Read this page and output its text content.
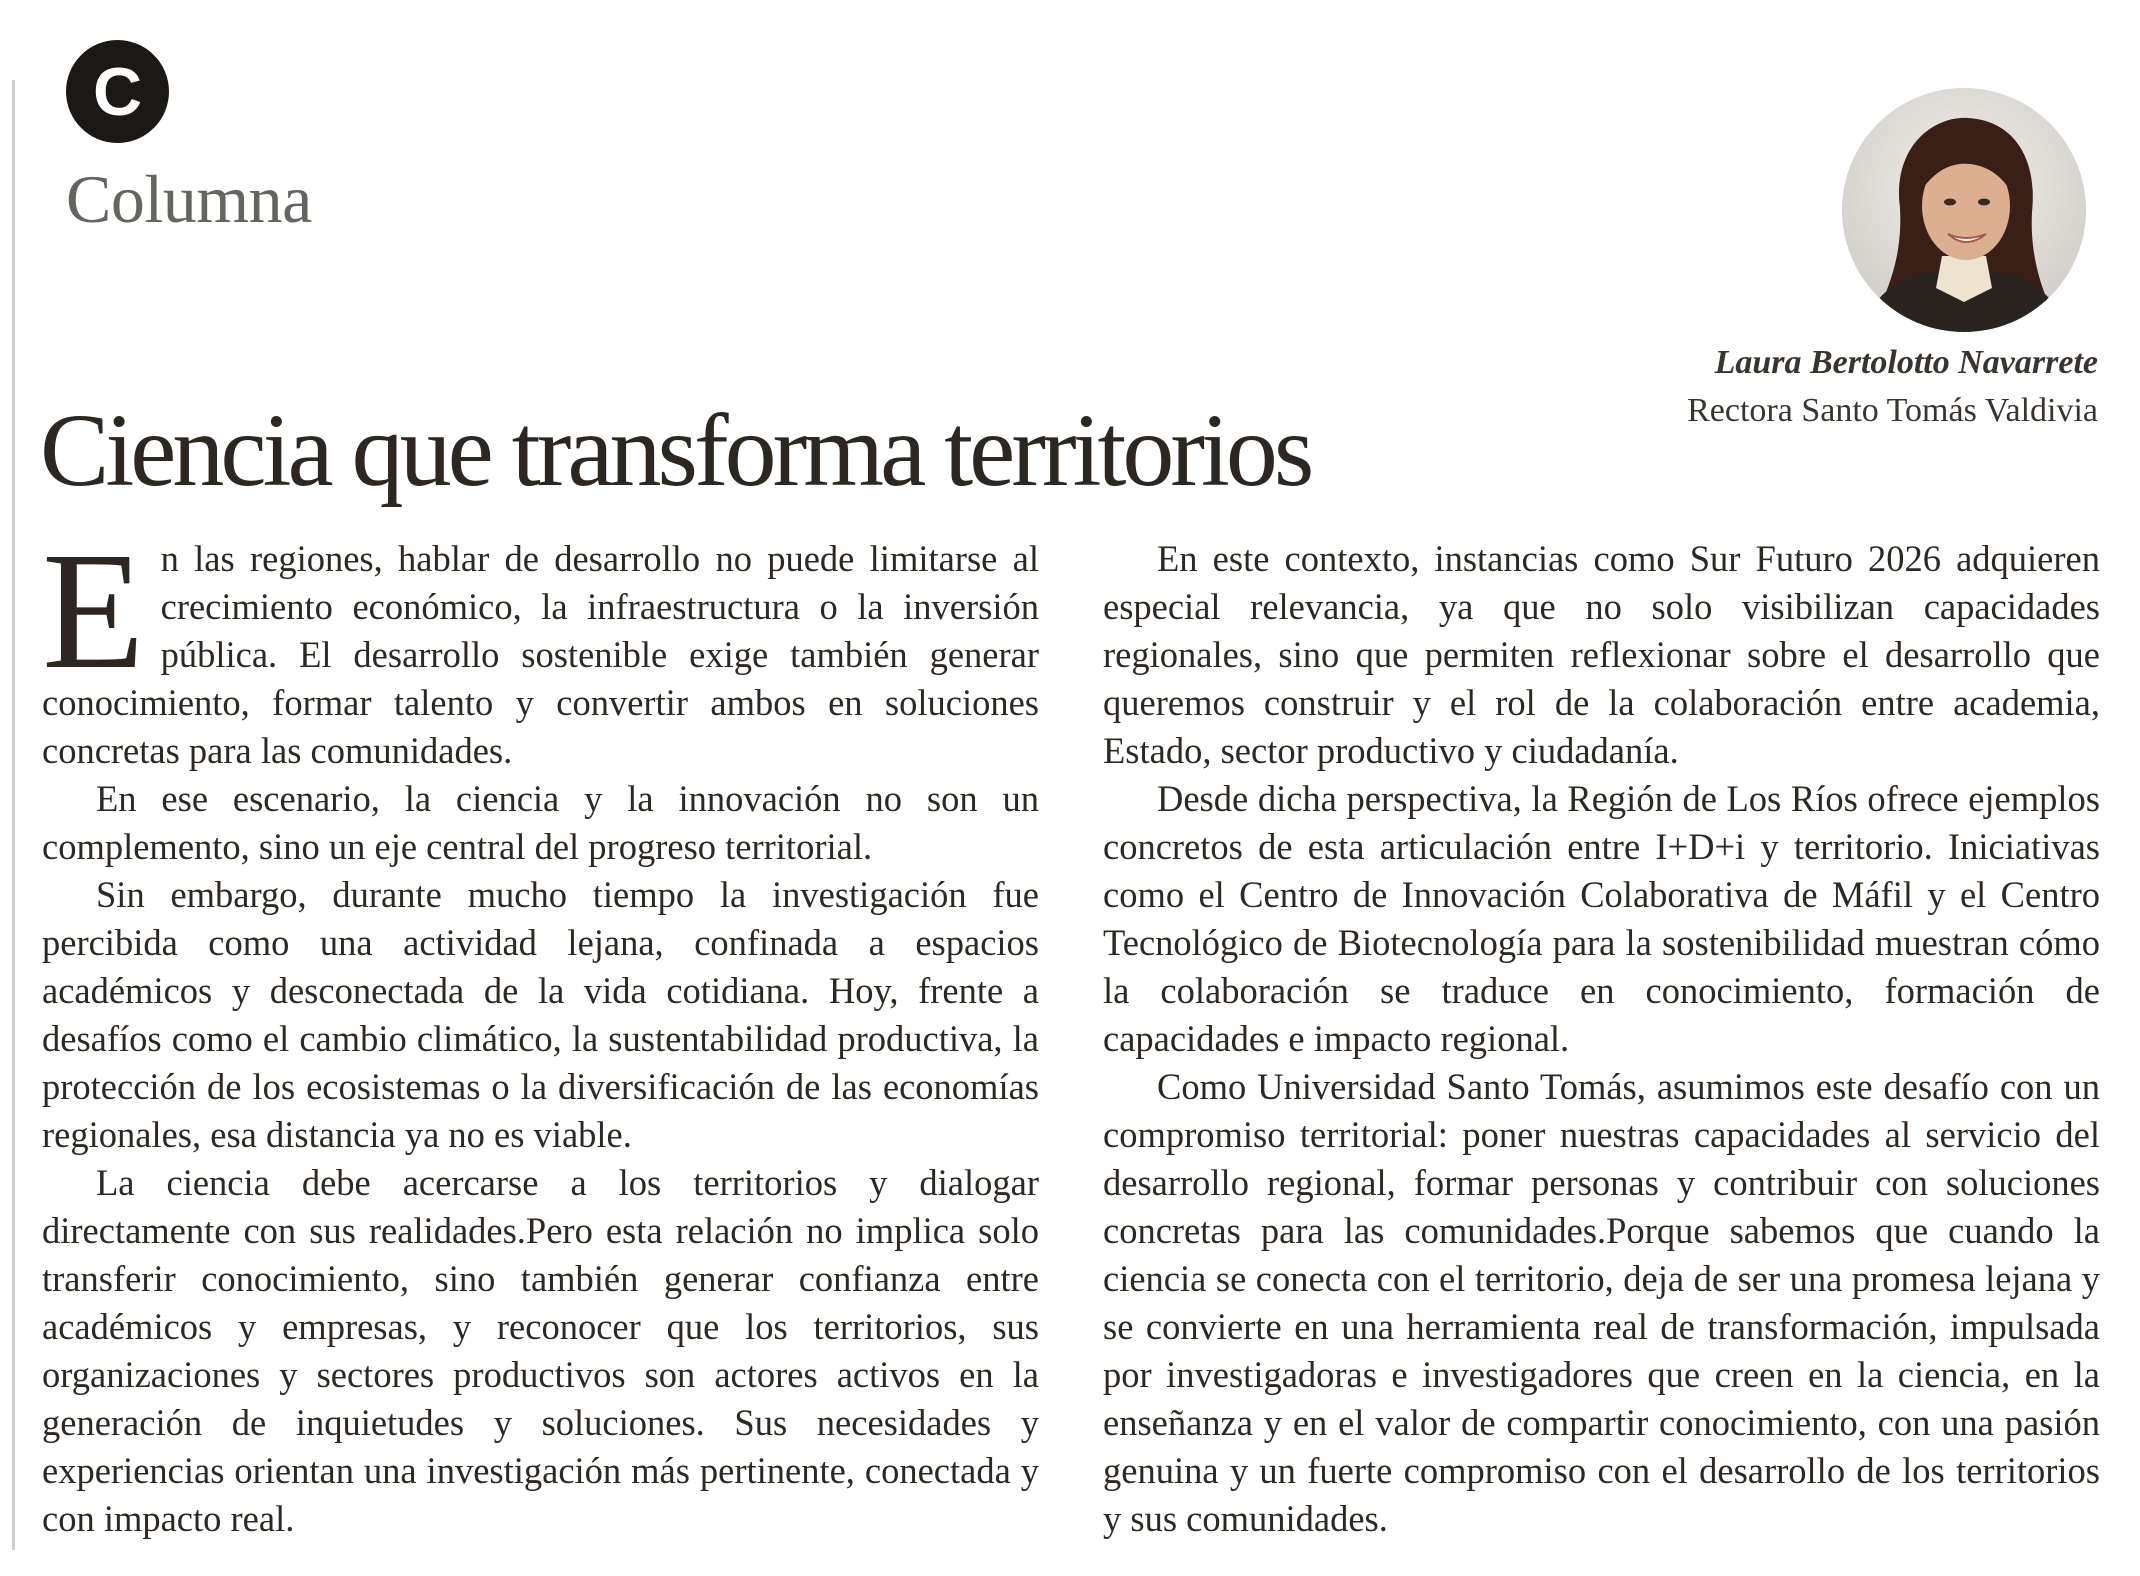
C
Columna
Laura Bertolotto Navarrete
Rectora Santo Tomás Valdivia
Ciencia que transforma territorios

En las regiones, hablar de desarrollo no puede limitarse al crecimiento económico, la infraestructura o la inversión pública. El desarrollo sostenible exige también generar conocimiento, formar talento y convertir ambos en soluciones concretas para las comunidades.

En ese escenario, la ciencia y la innovación no son un complemento, sino un eje central del progreso territorial.

Sin embargo, durante mucho tiempo la investigación fue percibida como una actividad lejana, confinada a espacios académicos y desconectada de la vida cotidiana. Hoy, frente a desafíos como el cambio climático, la sustentabilidad productiva, la protección de los ecosistemas o la diversificación de las economías regionales, esa distancia ya no es viable.

La ciencia debe acercarse a los territorios y dialogar directamente con sus realidades.Pero esta relación no implica solo transferir conocimiento, sino también generar confianza entre académicos y empresas, y reconocer que los territorios, sus organizaciones y sectores productivos son actores activos en la generación de inquietudes y soluciones. Sus necesidades y experiencias orientan una investigación más pertinente, conectada y con impacto real.

En este contexto, instancias como Sur Futuro 2026 adquieren especial relevancia, ya que no solo visibilizan capacidades regionales, sino que permiten reflexionar sobre el desarrollo que queremos construir y el rol de la colaboración entre academia, Estado, sector productivo y ciudadanía.

Desde dicha perspectiva, la Región de Los Ríos ofrece ejemplos concretos de esta articulación entre I+D+i y territorio. Iniciativas como el Centro de Innovación Colaborativa de Máfil y el Centro Tecnológico de Biotecnología para la sostenibilidad muestran cómo la colaboración se traduce en conocimiento, formación de capacidades e impacto regional.

Como Universidad Santo Tomás, asumimos este desafío con un compromiso territorial: poner nuestras capacidades al servicio del desarrollo regional, formar personas y contribuir con soluciones concretas para las comunidades.Porque sabemos que cuando la ciencia se conecta con el territorio, deja de ser una promesa lejana y se convierte en una herramienta real de transformación, impulsada por investigadoras e investigadores que creen en la ciencia, en la enseñanza y en el valor de compartir conocimiento, con una pasión genuina y un fuerte compromiso con el desarrollo de los territorios y sus comunidades.
